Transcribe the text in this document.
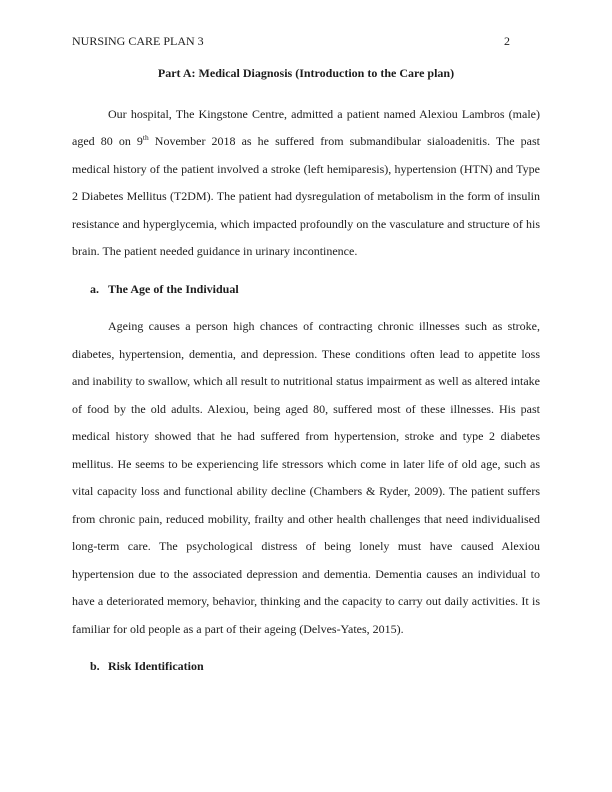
NURSING CARE PLAN 3	2
Part A: Medical Diagnosis (Introduction to the Care plan)

Our hospital, The Kingstone Centre, admitted a patient named Alexiou Lambros (male) aged 80 on 9th November 2018 as he suffered from submandibular sialoadenitis. The past medical history of the patient involved a stroke (left hemiparesis), hypertension (HTN) and Type 2 Diabetes Mellitus (T2DM). The patient had dysregulation of metabolism in the form of insulin resistance and hyperglycemia, which impacted profoundly on the vasculature and structure of his brain. The patient needed guidance in urinary incontinence.

a. The Age of the Individual

Ageing causes a person high chances of contracting chronic illnesses such as stroke, diabetes, hypertension, dementia, and depression. These conditions often lead to appetite loss and inability to swallow, which all result to nutritional status impairment as well as altered intake of food by the old adults. Alexiou, being aged 80, suffered most of these illnesses. His past medical history showed that he had suffered from hypertension, stroke and type 2 diabetes mellitus. He seems to be experiencing life stressors which come in later life of old age, such as vital capacity loss and functional ability decline (Chambers & Ryder, 2009). The patient suffers from chronic pain, reduced mobility, frailty and other health challenges that need individualised long-term care. The psychological distress of being lonely must have caused Alexiou hypertension due to the associated depression and dementia. Dementia causes an individual to have a deteriorated memory, behavior, thinking and the capacity to carry out daily activities. It is familiar for old people as a part of their ageing (Delves-Yates, 2015).

b. Risk Identification
